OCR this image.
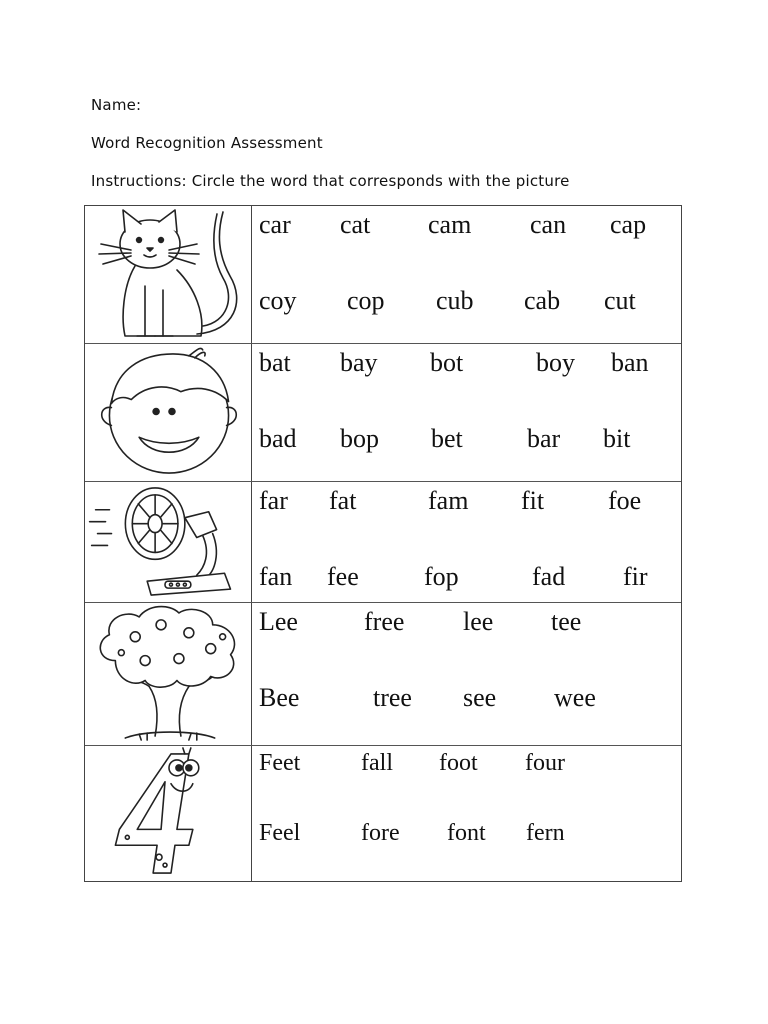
Name:
Word Recognition Assessment
Instructions: Circle the word that corresponds with the picture
car cat cam can cap
coy cop cub cab cut
bat bay bot	boy ban
bad bop bet bar bit
far fat	fam fit foe
fan fee	fop	fad fir
Lee	free lee tee
Bee	tree see wee
Feet	fall foot four
Feel	fore font fern
